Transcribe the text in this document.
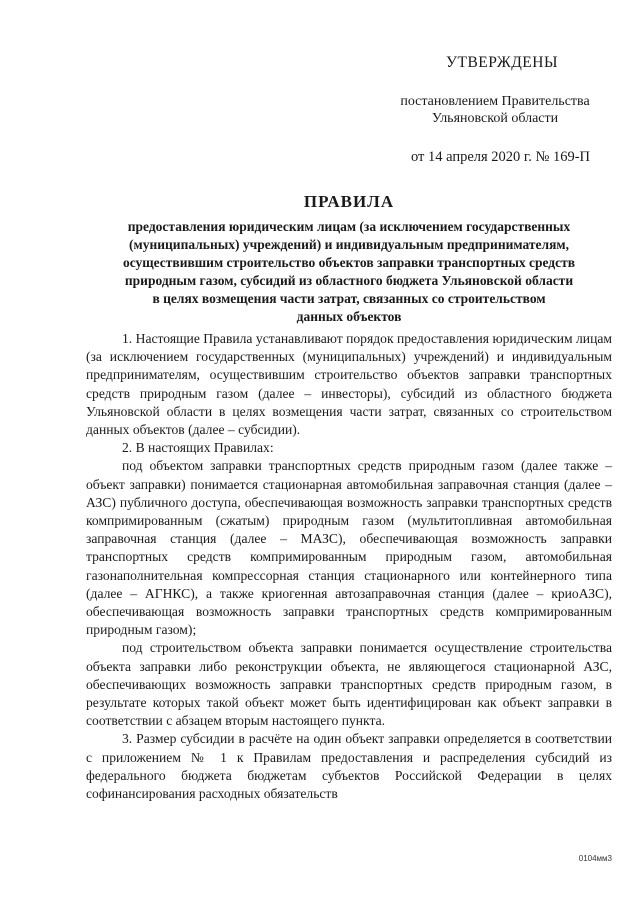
УТВЕРЖДЕНЫ
постановлением Правительства
Ульяновской области
от 14 апреля 2020 г. № 169-П
ПРАВИЛА
предоставления юридическим лицам (за исключением государственных
(муниципальных) учреждений) и индивидуальным предпринимателям,
осуществившим строительство объектов заправки транспортных средств
природным газом, субсидий из областного бюджета Ульяновской области
в целях возмещения части затрат, связанных со строительством
данных объектов

1. Настоящие Правила устанавливают порядок предоставления юридическим лицам (за исключением государственных (муниципальных) учреждений) и индивидуальным предпринимателям, осуществившим строительство объектов заправки транспортных средств природным газом (далее – инвесторы), субсидий из областного бюджета Ульяновской области в целях возмещения части затрат, связанных со строительством данных объектов (далее – субсидии).

2. В настоящих Правилах:

под объектом заправки транспортных средств природным газом (далее также – объект заправки) понимается стационарная автомобильная заправочная станция (далее – АЗС) публичного доступа, обеспечивающая возможность заправки транспортных средств компримированным (сжатым) природным газом (мультитопливная автомобильная заправочная станция (далее – МАЗС), обеспечивающая возможность заправки транспортных средств компримированным природным газом, автомобильная газонаполнительная компрессорная станция стационарного или контейнерного типа (далее – АГНКС), а также криогенная автозаправочная станция (далее – криоАЗС), обеспечивающая возможность заправки транспортных средств компримированным природным газом);

под строительством объекта заправки понимается осуществление строительства объекта заправки либо реконструкции объекта, не являющегося стационарной АЗС, обеспечивающих возможность заправки транспортных средств природным газом, в результате которых такой объект может быть идентифицирован как объект заправки в соответствии с абзацем вторым настоящего пункта.

3. Размер субсидии в расчёте на один объект заправки определяется в соответствии с приложением № 1 к Правилам предоставления и распределения субсидий из федерального бюджета бюджетам субъектов Российской Федерации в целях софинансирования расходных обязательств

0104мм3
